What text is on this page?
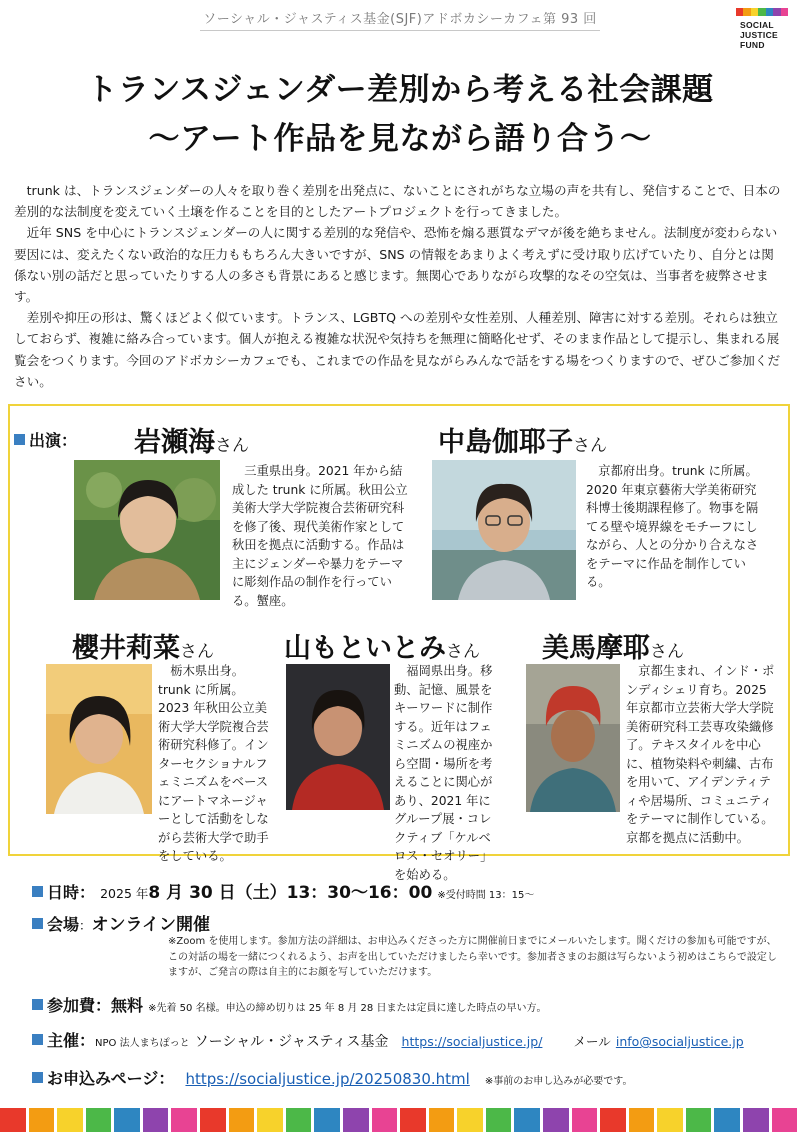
ソーシャル・ジャスティス基金(SJF)アドボカシーカフェ第 93 回	SOCIAL
JUSTICE
FUND
トランスジェンダー差別から考える社会課題
〜アート作品を見ながら語り合う〜

trunk は、トランスジェンダーの人々を取り巻く差別を出発点に、ないことにされがちな立場の声を共有し、発信することで、日本の差別的な法制度を変えていく土壌を作ることを目的としたアートプロジェクトを行ってきました。

近年 SNS を中心にトランスジェンダーの人に関する差別的な発信や、恐怖を煽る悪質なデマが後を絶ちません。法制度が変わらない要因には、変えたくない政治的な圧力ももちろん大きいですが、SNS の情報をあまりよく考えずに受け取り広げていたり、自分とは関係ない別の話だと思っていたりする人の多さも背景にあると感じます。無関心でありながら攻撃的なその空気は、当事者を疲弊させます。

差別や抑圧の形は、驚くほどよく似ています。トランス、LGBTQ への差別や女性差別、人種差別、障害に対する差別。それらは独立しておらず、複雑に絡み合っています。個人が抱える複雑な状況や気持ちを無理に簡略化せず、そのまま作品として提示し、集まれる展覧会をつくります。今回のアドボカシーカフェでも、これまでの作品を見ながらみんなで話をする場をつくりますので、ぜひご参加ください。

出演： 岩瀬海さん
三重県出身。2021 年から結成した trunk に所属。秋田公立美術大学大学院複合芸術研究科を修了後、現代美術作家として秋田を拠点に活動する。作品は主にジェンダーや暴力をテーマに彫刻作品の制作を行っている。蟹座。
中島伽耶子さん
京都府出身。trunk に所属。2020 年東京藝術大学美術研究科博士後期課程修了。物事を隔てる壁や境界線をモチーフにしながら、人との分かり合えなさをテーマに作品を制作している。
櫻井莉菜さん
栃木県出身。trunk に所属。2023 年秋田公立美術大学大学院複合芸術研究科修了。インターセクショナルフェミニズムをベースにアートマネージャーとして活動をしながら芸術大学で助手をしている。
山もといとみさん
福岡県出身。移動、記憶、風景をキーワードに制作する。近年はフェミニズムの視座から空間・場所を考えることに関心があり、2021 年にグループ展・コレクティブ「ケルベロス・セオリー」を始める。
美馬摩耶さん
京都生まれ、インド・ポンディシェリ育ち。2025 年京都市立芸術大学大学院美術研究科工芸専攻染織修了。テキスタイルを中心に、植物染料や刺繍、古布を用いて、アイデンティティや居場所、コミュニティをテーマに制作している。京都を拠点に活動中。
日時： 2025 年8 月 30 日（土）13：30〜16：00 ※受付時間 13：15〜
会場：オンライン開催
※Zoom を使用します。参加方法の詳細は、お申込みくださった方に開催前日までにメールいたします。聞くだけの参加も可能ですが、この対話の場を一緒につくれるよう、お声を出していただけましたら幸いです。参加者さまのお顔は写らないよう初めはこちらで設定しますが、ご発言の際は自主的にお顔を写していただけます。
参加費：無料 ※先着 50 名様。申込の締め切りは 25 年 8 月 28 日または定員に達した時点の早い方。
主催：NPO 法人まちぽっと ソーシャル・ジャスティス基金 https://socialjustice.jp/ メール info@socialjustice.jp
お申込みページ： https://socialjustice.jp/20250830.html ※事前のお申し込みが必要です。
